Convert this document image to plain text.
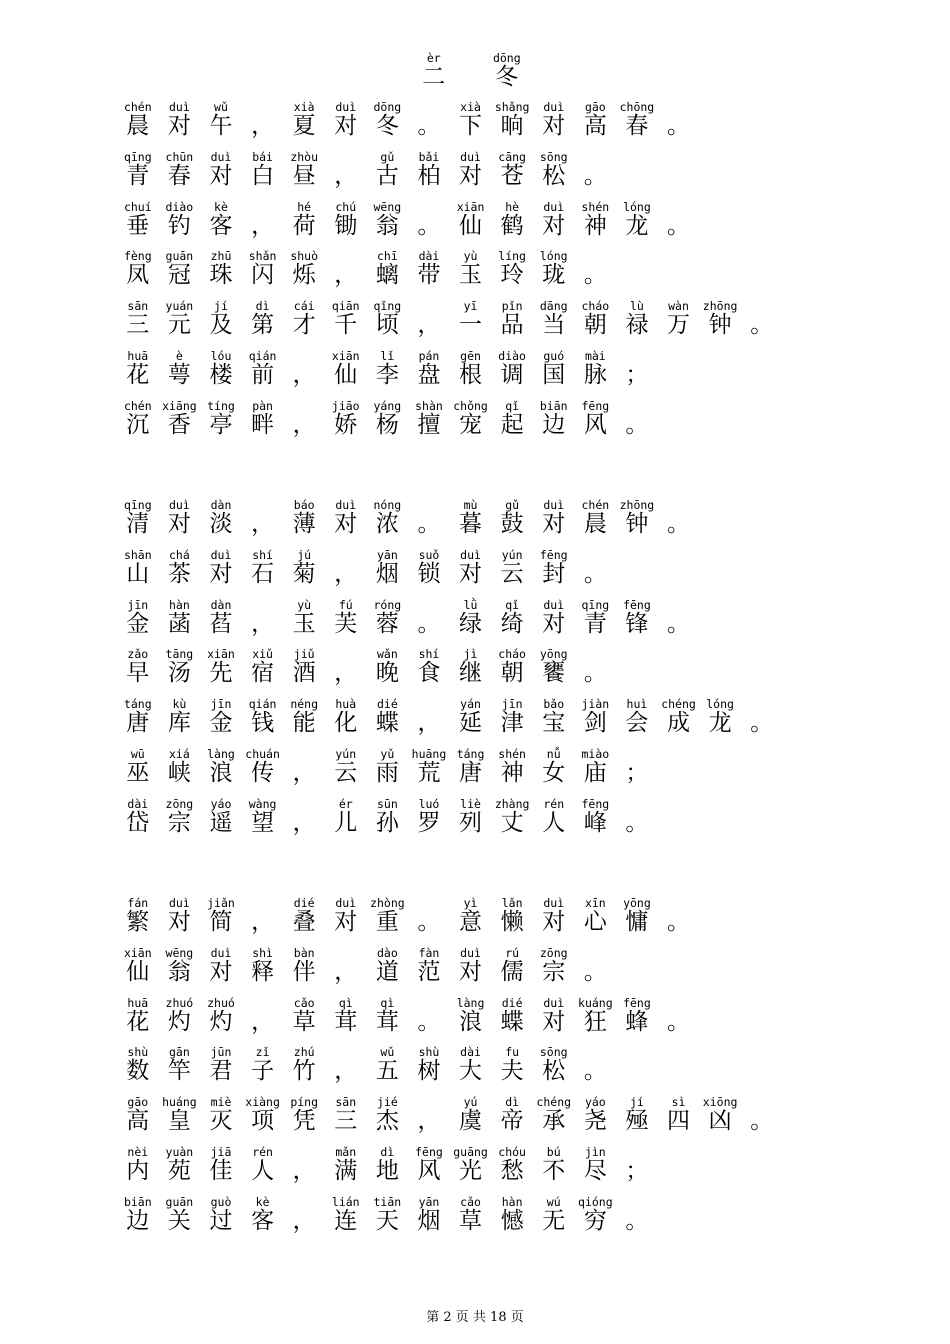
èr
二
dōng
冬
chén
晨
duì
对
wǔ
午 ，
xià
夏
duì
对
dōng
冬 。
xià
下
shǎng
晌
duì
对
gāo
高
chōng
春 。
qīng
青
chūn
春
duì
对
bái
白
zhòu
昼 ，
gǔ
古
bǎi
柏
duì
对
cāng
苍
sōng
松 。
chuí
垂
diào
钓
kè
客 ，
hé
荷
chú
锄
wēng
翁 。
xiān
仙
hè
鹤
duì
对
shén
神
lóng
龙 。
fèng
凤
guān
冠
zhū
珠
shǎn
闪
shuò
烁 ，
chī
螭
dài
带
yù
玉
líng
玲
lóng
珑 。
sān
三
yuán
元
jí
及
dì
第
cái
才
qiān
千
qǐng
顷 ，
yī
一
pǐn
品
dāng
当
cháo
朝
lù
禄
wàn
万
zhōng
钟 。
huā
花
è
萼
lóu
楼
qián
前 ，
xiān
仙
lǐ
李
pán
盘
gēn
根
diào
调
guó
国
mài
脉 ；
chén
沉
xiāng
香
tíng
亭
pàn
畔 ，
jiāo
娇
yáng
杨
shàn
擅
chǒng
宠
qǐ
起
biān
边
fēng
风 。
qīng
清
duì
对
dàn
淡 ，
báo
薄
duì
对
nóng
浓 。
mù
暮
gǔ
鼓
duì
对
chén
晨
zhōng
钟 。
shān
山
chá
茶
duì
对
shí
石
jú
菊 ，
yān
烟
suǒ
锁
duì
对
yún
云
fēng
封 。
jīn
金
hàn
菡
dàn
萏 ，
yù
玉
fú
芙
róng
蓉 。
lǜ
绿
qǐ
绮
duì
对
qīng
青
fēng
锋 。
zǎo
早
tāng
汤
xiān
先
xiǔ
宿
jiǔ
酒 ，
wǎn
晚
shí
食
jì
继
cháo
朝
yōng
饔 。
táng
唐
kù
库
jīn
金
qián
钱
néng
能
huà
化
dié
蝶 ，
yán
延
jīn
津
bǎo
宝
jiàn
剑
huì
会
chéng
成
lóng
龙 。
wū
巫
xiá
峡
làng
浪
chuán
传 ，
yún
云
yǔ
雨
huāng
荒
táng
唐
shén
神
nǚ
女
miào
庙 ；
dài
岱
zōng
宗
yáo
遥
wàng
望 ，
ér
儿
sūn
孙
luó
罗
liè
列
zhàng
丈
rén
人
fēng
峰 。
fán
繁
duì
对
jiǎn
简 ，
dié
叠
duì
对
zhòng
重 。
yì
意
lǎn
懒
duì
对
xīn
心
yōng
慵 。
xiān
仙
wēng
翁
duì
对
shì
释
bàn
伴 ，
dào
道
fàn
范
duì
对
rú
儒
zōng
宗 。
huā
花
zhuó
灼
zhuó
灼 ，
cǎo
草
qì
茸
qì
茸 。
làng
浪
dié
蝶
duì
对
kuáng
狂
fēng
蜂 。
shù
数
gān
竿
jūn
君
zǐ
子
zhú
竹 ，
wǔ
五
shù
树
dài
大
fu
夫
sōng
松 。
gāo
高
huáng
皇
miè
灭
xiàng
项
píng
凭
sān
三
jié
杰 ，
yú
虞
dì
帝
chéng
承
yáo
尧
jí
殛
sì
四
xiōng
凶 。
nèi
内
yuàn
苑
jiā
佳
rén
人 ，
mǎn
满
dì
地
fēng
风
guāng
光
chóu
愁
bú
不
jìn
尽 ；
biān
边
guān
关
guò
过
kè
客 ，
lián
连
tiān
天
yān
烟
cǎo
草
hàn
憾
wú
无
qióng
穷 。
第 2 页 共 18 页
